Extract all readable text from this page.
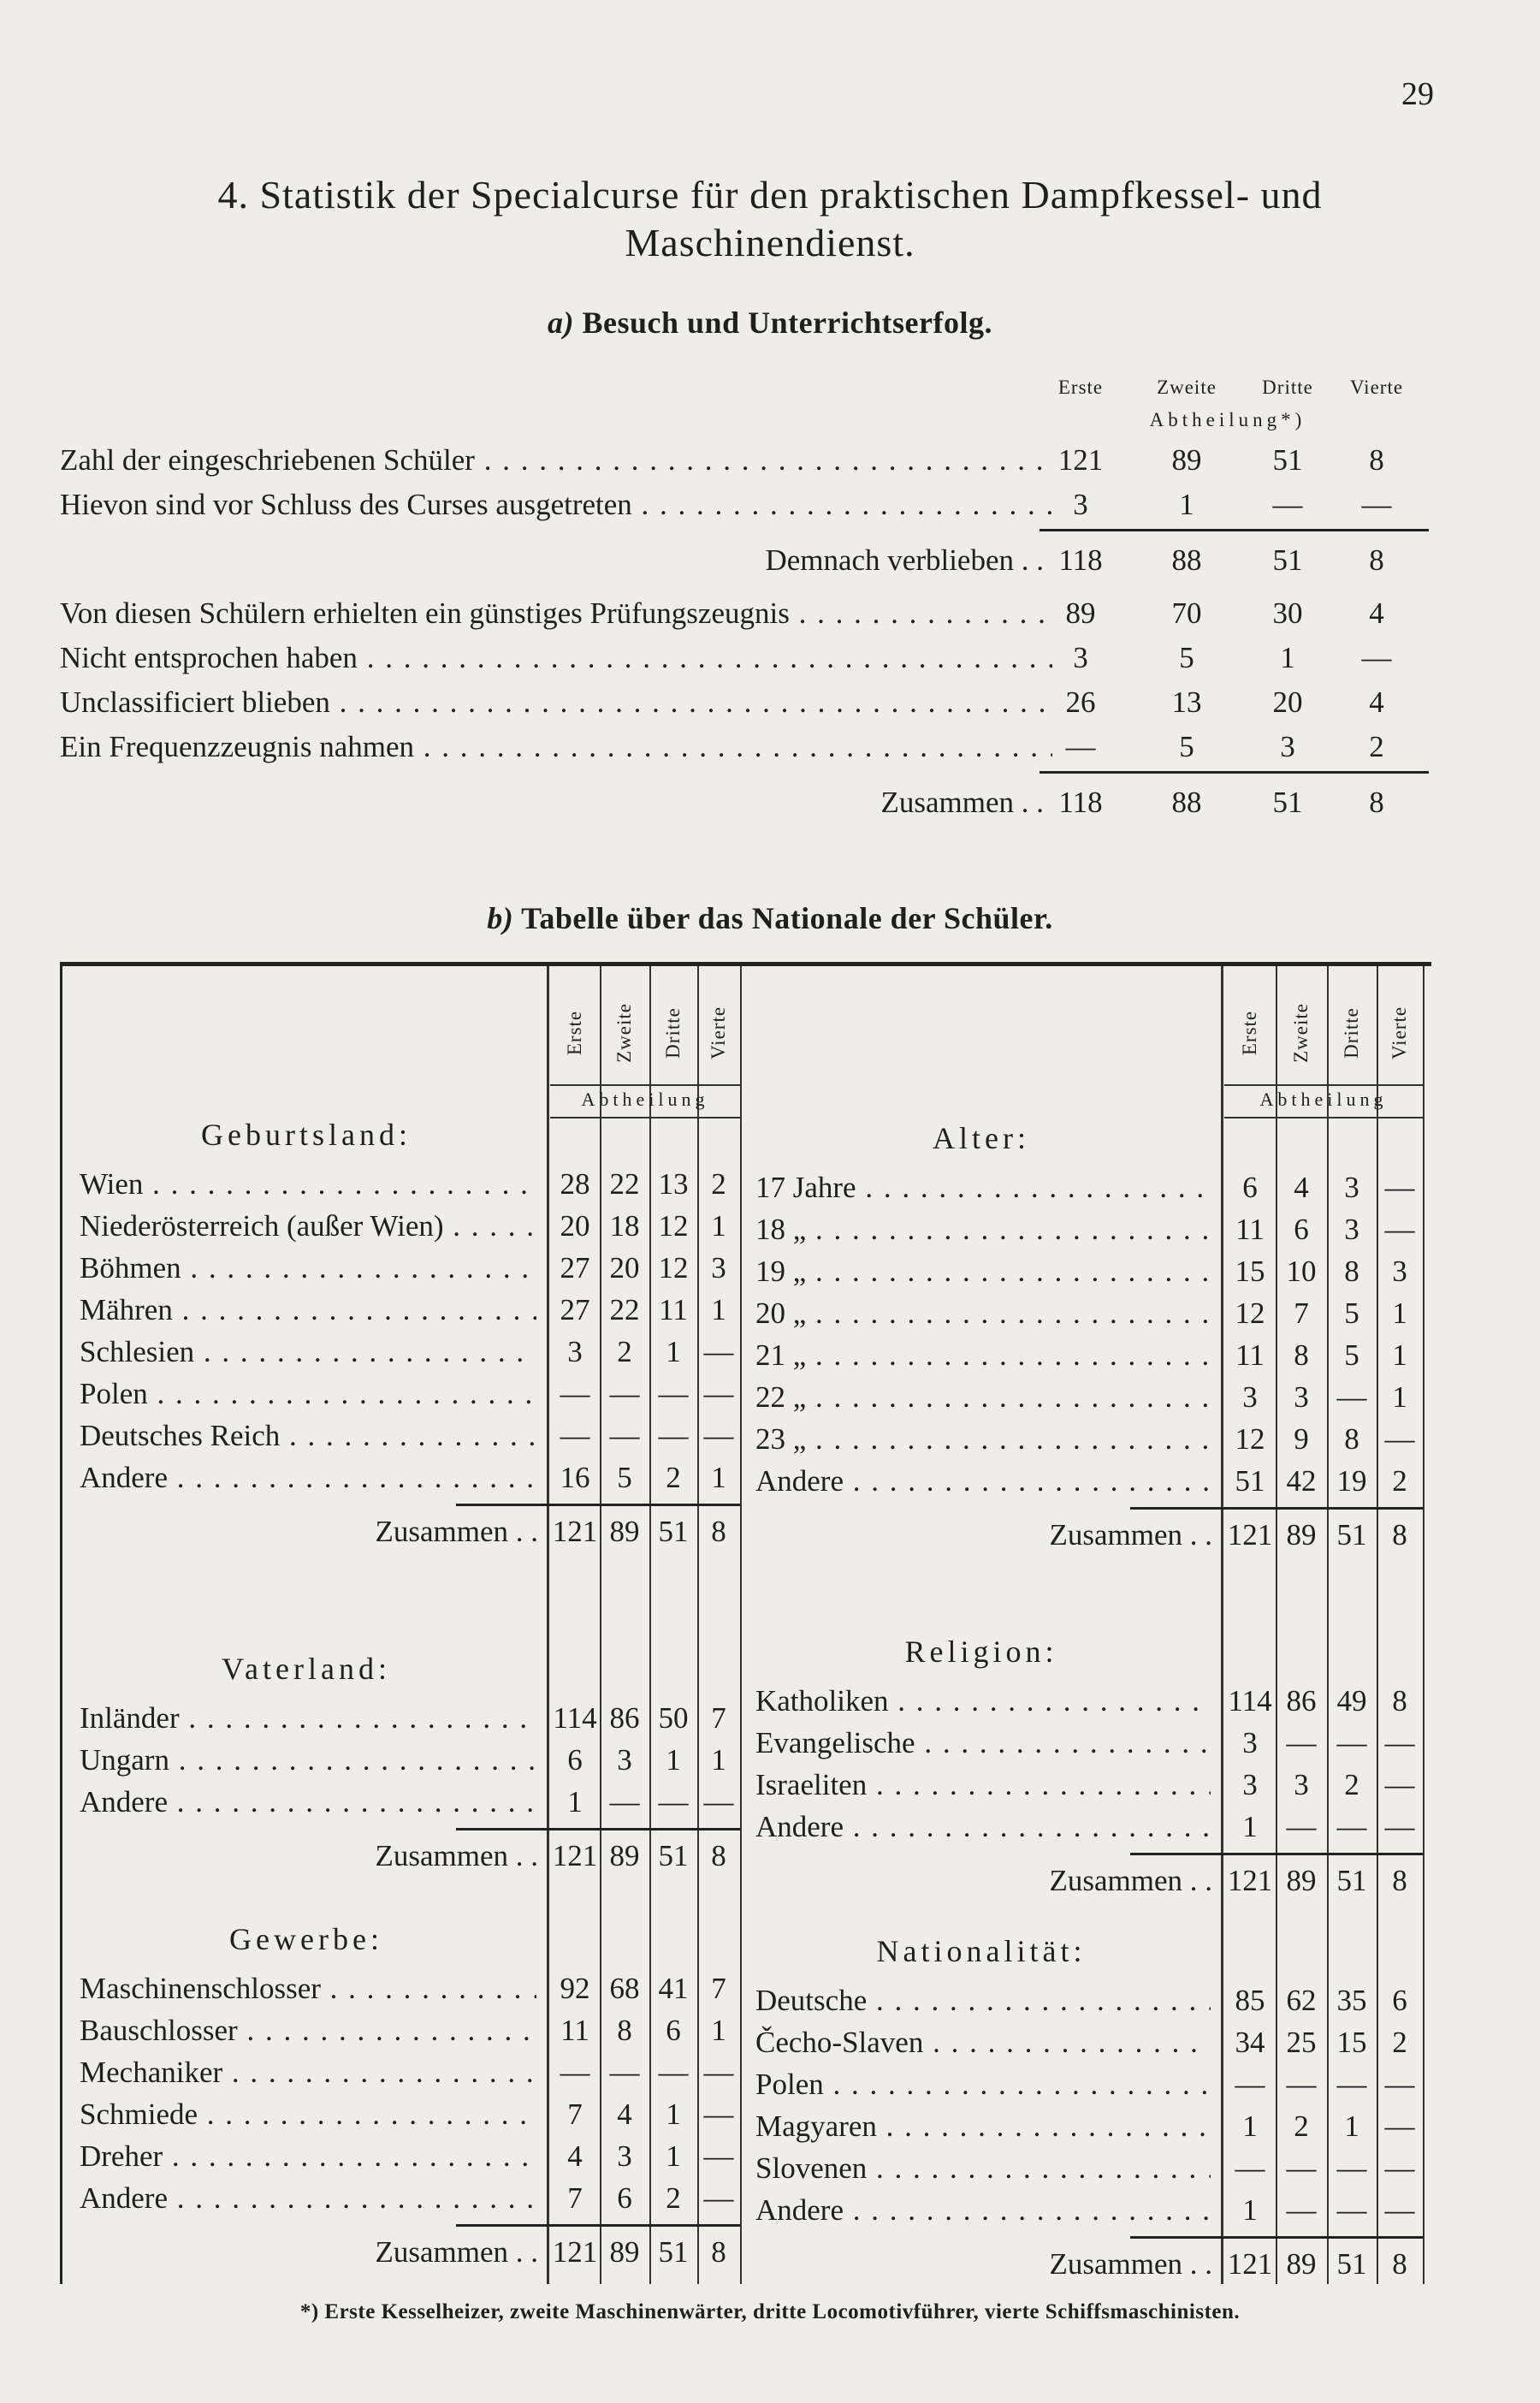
29
4. Statistik der Specialcurse für den praktischen Dampfkessel- und
Maschinendienst.
a) Besuch und Unterrichtserfolg.
Erste	Zweite	Dritte	Vierte
Abtheilung*)
Zahl der eingeschriebenen Schüler . . .	121	89	51	8
Hievon sind vor Schluss des Curses ausgetreten . . .	3	1	—	—
Demnach verblieben . . 118	88	51	8
Von diesen Schülern erhielten ein günstiges Prüfungszeugnis . . .	89	70	30	4
Nicht entsprochen haben . . .	3	5	1	—
Unclassificiert blieben . . .	26	13	20	4
Ein Frequenzzeugnis nahmen . . .	—	5	3	2
Zusammen . . 118	88	51	8
b) Tabelle über das Nationale der Schüler.
Erste Zweite Dritte Vierte
Abtheilung
Geburtsland:
Wien . . .	28 22 13 2
Niederösterreich (außer Wien) . . .	20 18 12 1
Böhmen . . .	27 20 12 3
Mähren . . .	27 22 11 1
Schlesien . . .	3	2	1 —
Polen . . .	— — — —
Deutsches Reich . . .	— — — —
Andere . . .	16 5	2	1
Zusammen . . 121 89 51 8
Vaterland:
Inländer . . .	114 86 50 7
Ungarn . . .	6	3	1	1
Andere . . .	1 — — —
Zusammen . . 121 89 51 8
Gewerbe:
Maschinenschlosser . . .	92 68 41 7
Bauschlosser . . .	11 8	6	1
Mechaniker . . .	— — — —
Schmiede . . .	7	4	1 —
Dreher . . .	4	3	1 —
Andere . . .	7	6	2 —
Zusammen . . 121 89 51 8
Erste Zweite Dritte Vierte
Abtheilung
Alter:
17 Jahre . . .	6	4	3 —
18 „ . . .	11 6	3 —
19 „ . . .	15 10 8	3
20 „ . . .	12 7	5	1
21 „ . . .	11 8	5	1
22 „ . . .	3	3 — 1
23 „ . . .	12 9	8 —
Andere . . .	51 42 19 2
Zusammen . . 121 89 51 8
Religion:
Katholiken . . .	114 86 49 8
Evangelische . . .	3 — — —
Israeliten . . .	3	3	2 —
Andere . . .	1 — — —
Zusammen . . 121 89 51 8
Nationalität:
Deutsche . . .	85 62 35 6
Čecho-Slaven . . .	34 25 15 2
Polen . . .	— — — —
Magyaren . . .	1	2	1 —
Slovenen . . .	— — — —
Andere . . .	1 — — —
Zusammen . . 121 89 51 8
*) Erste Kesselheizer, zweite Maschinenwärter, dritte Locomotivführer, vierte Schiffsmaschinisten.
